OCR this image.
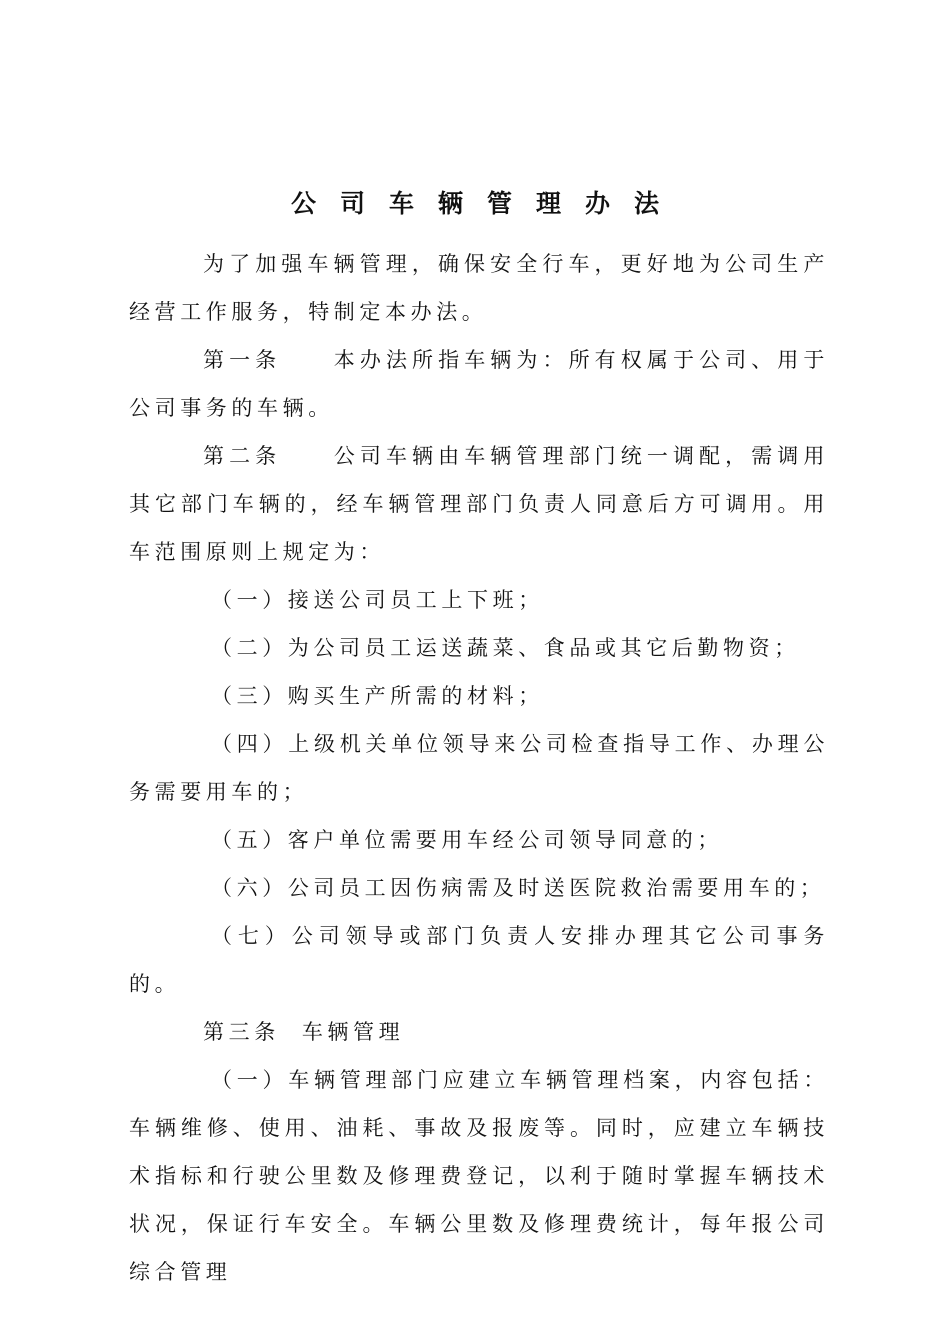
公司车辆管理办法

为了加强车辆管理，确保安全行车，更好地为公司生产经营工作服务，特制定本办法。

第一条 本办法所指车辆为：所有权属于公司、用于公司事务的车辆。

第二条 公司车辆由车辆管理部门统一调配，需调用其它部门车辆的，经车辆管理部门负责人同意后方可调用。用车范围原则上规定为：

（一）接送公司员工上下班；

（二）为公司员工运送蔬菜、食品或其它后勤物资；

（三）购买生产所需的材料；

（四）上级机关单位领导来公司检查指导工作、办理公务需要用车的；

（五）客户单位需要用车经公司领导同意的；

（六）公司员工因伤病需及时送医院救治需要用车的；

（七）公司领导或部门负责人安排办理其它公司事务的。

第三条 车辆管理

（一）车辆管理部门应建立车辆管理档案，内容包括：车辆维修、使用、油耗、事故及报废等。同时，应建立车辆技术指标和行驶公里数及修理费登记，以利于随时掌握车辆技术状况，保证行车安全。车辆公里数及修理费统计，每年报公司综合管理
